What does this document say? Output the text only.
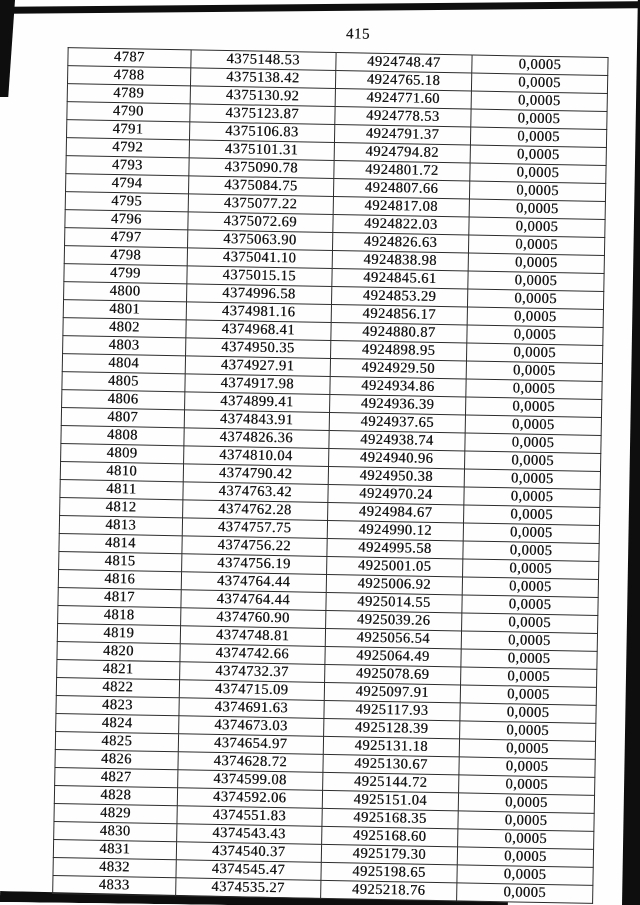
415
4787	4375148.53	4924748.47	0,0005
4788	4375138.42	4924765.18	0,0005
4789	4375130.92	4924771.60	0,0005
4790	4375123.87	4924778.53	0,0005
4791	4375106.83	4924791.37	0,0005
4792	4375101.31	4924794.82	0,0005
4793	4375090.78	4924801.72	0,0005
4794	4375084.75	4924807.66	0,0005
4795	4375077.22	4924817.08	0,0005
4796	4375072.69	4924822.03	0,0005
4797	4375063.90	4924826.63	0,0005
4798	4375041.10	4924838.98	0,0005
4799	4375015.15	4924845.61	0,0005
4800	4374996.58	4924853.29	0,0005
4801	4374981.16	4924856.17	0,0005
4802	4374968.41	4924880.87	0,0005
4803	4374950.35	4924898.95	0,0005
4804	4374927.91	4924929.50	0,0005
4805	4374917.98	4924934.86	0,0005
4806	4374899.41	4924936.39	0,0005
4807	4374843.91	4924937.65	0,0005
4808	4374826.36	4924938.74	0,0005
4809	4374810.04	4924940.96	0,0005
4810	4374790.42	4924950.38	0,0005
4811	4374763.42	4924970.24	0,0005
4812	4374762.28	4924984.67	0,0005
4813	4374757.75	4924990.12	0,0005
4814	4374756.22	4924995.58	0,0005
4815	4374756.19	4925001.05	0,0005
4816	4374764.44	4925006.92	0,0005
4817	4374764.44	4925014.55	0,0005
4818	4374760.90	4925039.26	0,0005
4819	4374748.81	4925056.54	0,0005
4820	4374742.66	4925064.49	0,0005
4821	4374732.37	4925078.69	0,0005
4822	4374715.09	4925097.91	0,0005
4823	4374691.63	4925117.93	0,0005
4824	4374673.03	4925128.39	0,0005
4825	4374654.97	4925131.18	0,0005
4826	4374628.72	4925130.67	0,0005
4827	4374599.08	4925144.72	0,0005
4828	4374592.06	4925151.04	0,0005
4829	4374551.83	4925168.35	0,0005
4830	4374543.43	4925168.60	0,0005
4831	4374540.37	4925179.30	0,0005
4832	4374545.47	4925198.65	0,0005
4833	4374535.27	4925218.76	0,0005
